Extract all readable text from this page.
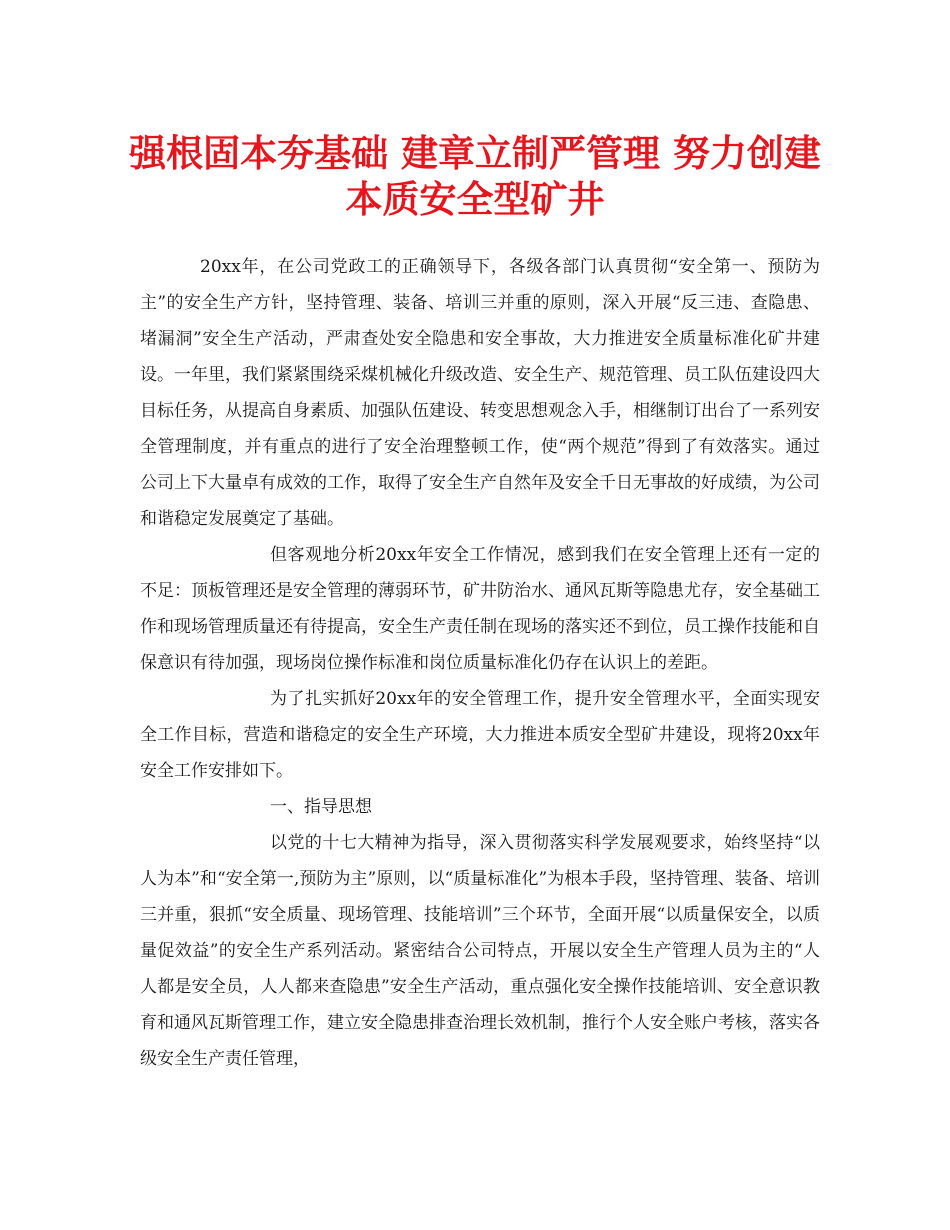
强根固本夯基础 建章立制严管理 努力创建
本质安全型矿井

20xx年，在公司党政工的正确领导下，各级各部门认真贯彻“安全第一、预防为主”的安全生产方针，坚持管理、装备、培训三并重的原则，深入开展“反三违、查隐患、堵漏洞”安全生产活动，严肃查处安全隐患和安全事故，大力推进安全质量标准化矿井建设。一年里，我们紧紧围绕采煤机械化升级改造、安全生产、规范管理、员工队伍建设四大目标任务，从提高自身素质、加强队伍建设、转变思想观念入手，相继制订出台了一系列安全管理制度，并有重点的进行了安全治理整顿工作，使“两个规范”得到了有效落实。通过公司上下大量卓有成效的工作，取得了安全生产自然年及安全千日无事故的好成绩，为公司和谐稳定发展奠定了基础。

但客观地分析20xx年安全工作情况，感到我们在安全管理上还有一定的不足：顶板管理还是安全管理的薄弱环节，矿井防治水、通风瓦斯等隐患尤存，安全基础工作和现场管理质量还有待提高，安全生产责任制在现场的落实还不到位，员工操作技能和自保意识有待加强，现场岗位操作标准和岗位质量标准化仍存在认识上的差距。

为了扎实抓好20xx年的安全管理工作，提升安全管理水平，全面实现安全工作目标，营造和谐稳定的安全生产环境，大力推进本质安全型矿井建设，现将20xx年安全工作安排如下。

一、指导思想

以党的十七大精神为指导，深入贯彻落实科学发展观要求，始终坚持“以人为本”和“安全第一,预防为主”原则，以“质量标准化”为根本手段，坚持管理、装备、培训三并重，狠抓“安全质量、现场管理、技能培训”三个环节，全面开展“以质量保安全，以质量促效益”的安全生产系列活动。紧密结合公司特点，开展以安全生产管理人员为主的“人人都是安全员，人人都来查隐患”安全生产活动，重点强化安全操作技能培训、安全意识教育和通风瓦斯管理工作，建立安全隐患排查治理长效机制，推行个人安全账户考核，落实各级安全生产责任管理，
